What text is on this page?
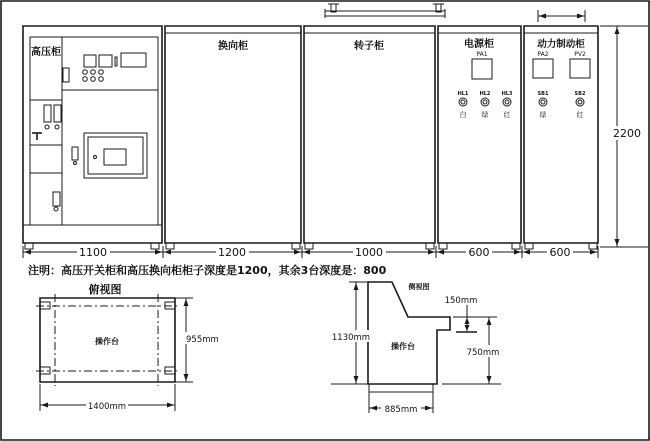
高压柜
换向柜	转子柜	电源柜	动力制动柜
PA1	PA2	PV2
HL1 HL2 HL3
白 绿 红
SB1	SB2
绿	红
2200
1100	1200	1000	600	600
注明：高压开关柜和高压换向柜柜子深度是1200，其余3台深度是：800
俯视图
操作台	955mm
1400mm
侧视图
操作台
1130mm
150mm
750mm
885mm
